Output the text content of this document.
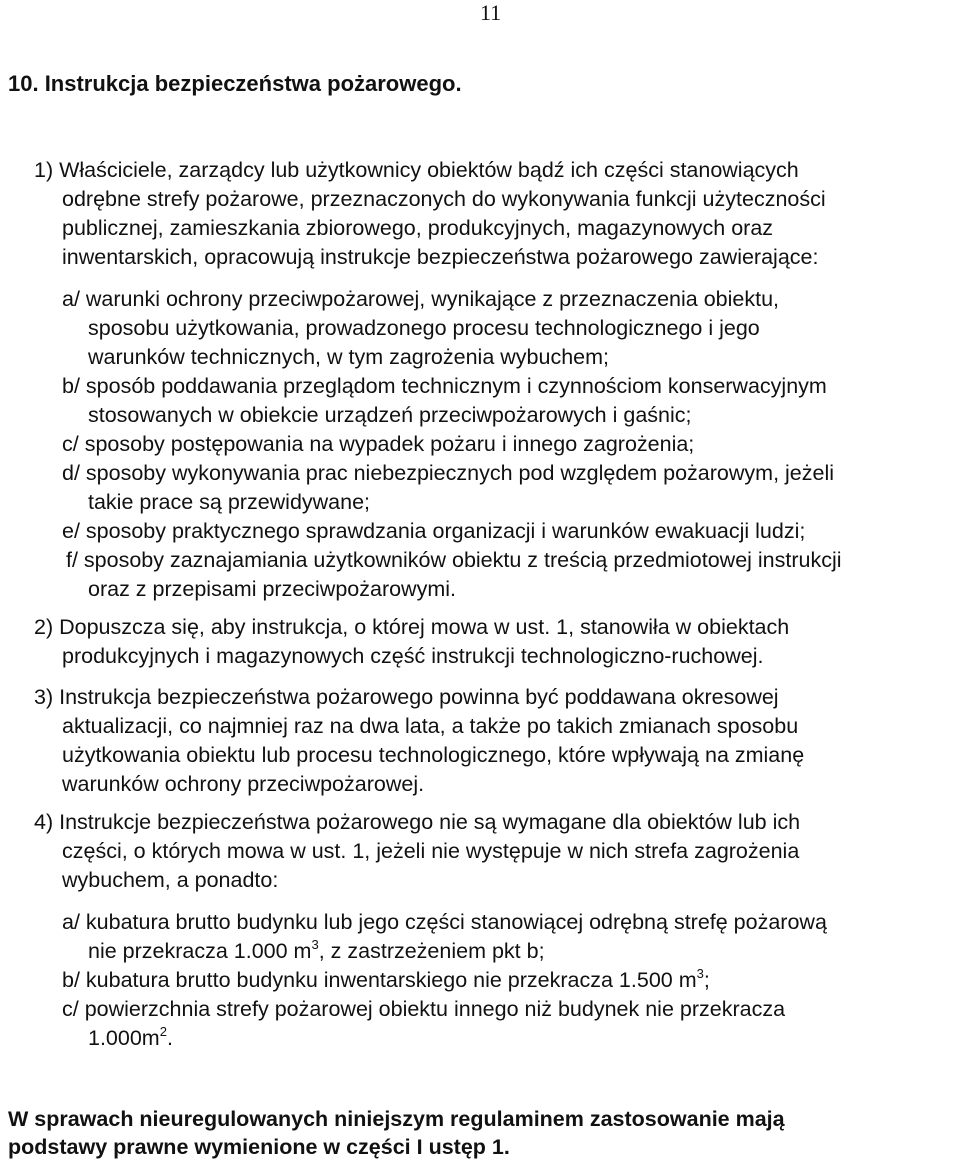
11
10. Instrukcja bezpieczeństwa pożarowego.
1) Właściciele, zarządcy lub użytkownicy obiektów bądź ich części stanowiących
odrębne strefy pożarowe, przeznaczonych do wykonywania funkcji użyteczności
publicznej, zamieszkania zbiorowego, produkcyjnych, magazynowych oraz
inwentarskich, opracowują instrukcje bezpieczeństwa pożarowego zawierające:
a/ warunki ochrony przeciwpożarowej, wynikające z przeznaczenia obiektu,
sposobu użytkowania, prowadzonego procesu technologicznego i jego
warunków technicznych, w tym zagrożenia wybuchem;
b/ sposób poddawania przeglądom technicznym i czynnościom konserwacyjnym
stosowanych w obiekcie urządzeń przeciwpożarowych i gaśnic;
c/ sposoby postępowania na wypadek pożaru i innego zagrożenia;
d/ sposoby wykonywania prac niebezpiecznych pod względem pożarowym, jeżeli
takie prace są przewidywane;
e/ sposoby praktycznego sprawdzania organizacji i warunków ewakuacji ludzi;
f/ sposoby zaznajamiania użytkowników obiektu z treścią przedmiotowej instrukcji
oraz z przepisami przeciwpożarowymi.
2) Dopuszcza się, aby instrukcja, o której mowa w ust. 1, stanowiła w obiektach
produkcyjnych i magazynowych część instrukcji technologiczno-ruchowej.
3) Instrukcja bezpieczeństwa pożarowego powinna być poddawana okresowej
aktualizacji, co najmniej raz na dwa lata, a także po takich zmianach sposobu
użytkowania obiektu lub procesu technologicznego, które wpływają na zmianę
warunków ochrony przeciwpożarowej.
4) Instrukcje bezpieczeństwa pożarowego nie są wymagane dla obiektów lub ich
części, o których mowa w ust. 1, jeżeli nie występuje w nich strefa zagrożenia
wybuchem, a ponadto:
a/ kubatura brutto budynku lub jego części stanowiącej odrębną strefę pożarową
nie przekracza 1.000 $m^3$, z zastrzeżeniem pkt b;
b/ kubatura brutto budynku inwentarskiego nie przekracza 1.500 $m^3$;
c/ powierzchnia strefy pożarowej obiektu innego niż budynek nie przekracza
$1.000m^2$.
W sprawach nieuregulowanych niniejszym regulaminem zastosowanie mają
podstawy prawne wymienione w części I ustęp 1.
